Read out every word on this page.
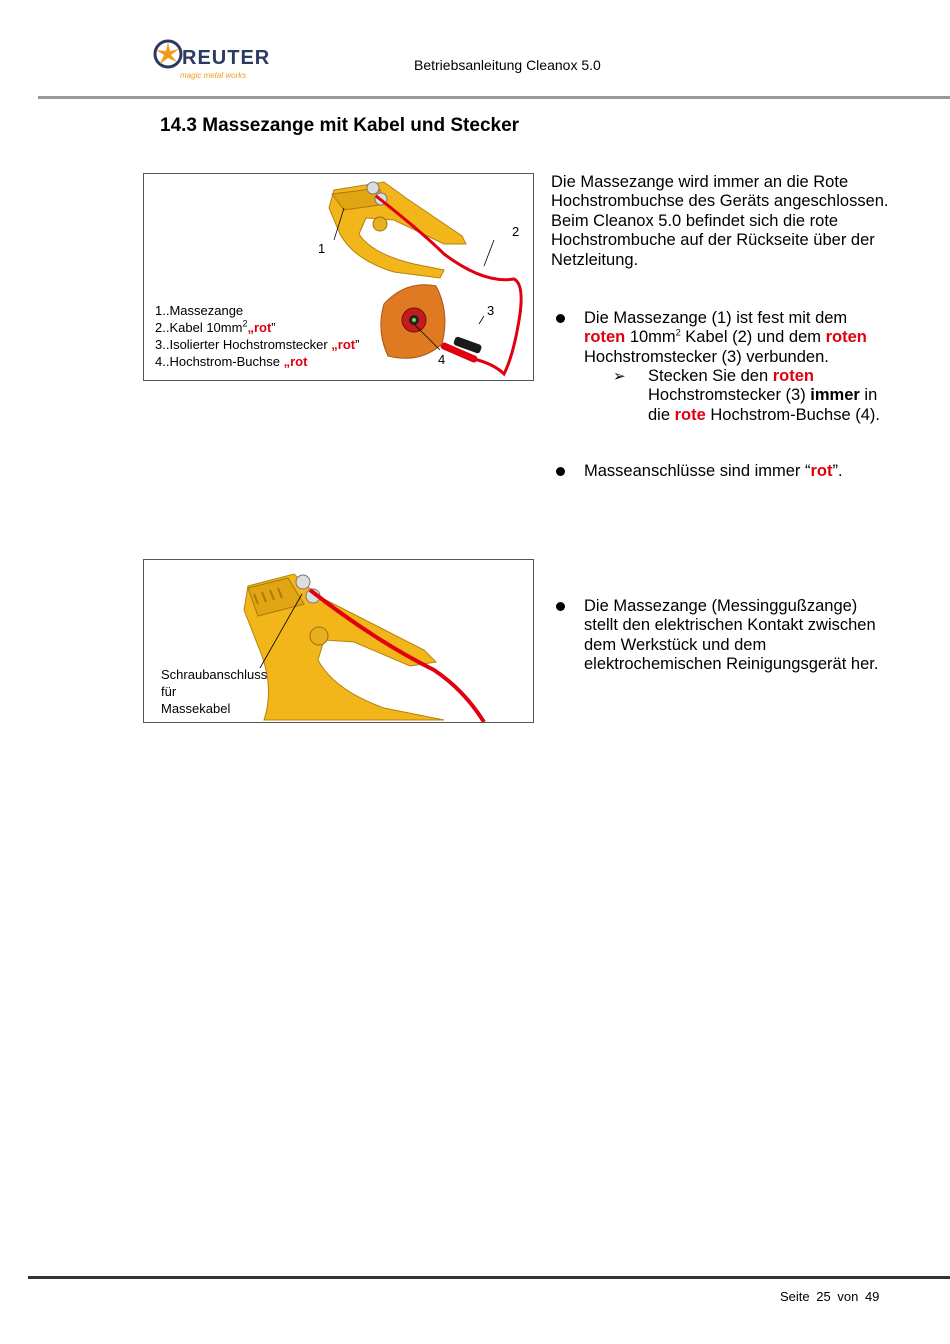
REUTER
magic metal works
Betriebsanleitung Cleanox 5.0
14.3 Massezange mit Kabel und Stecker
1
2
3
4
1..Massezange
2..Kabel $10mm^2„rot$”
3..Isolierter Hochstromstecker „rot”
4..Hochstrom-Buchse „rot
Die Massezange wird immer an die Rote Hochstrombuchse des Geräts angeschlossen. Beim Cleanox 5.0 befindet sich die rote Hochstrombuche auf der Rückseite über der Netzleitung.
Die Massezange (1) ist fest mit dem roten $10mm^2$ Kabel (2) und dem roten Hochstromstecker (3) verbunden.
➢ Stecken Sie den roten Hochstromstecker (3) immer in die rote Hochstrom-Buchse (4).
Masseanschlüsse sind immer “rot”.
Schraubanschluss
für
Massekabel
Die Massezange (Messinggußzange) stellt den elektrischen Kontakt zwischen dem Werkstück und dem elektrochemischen Reinigungsgerät her.
Seite 25 von 49
